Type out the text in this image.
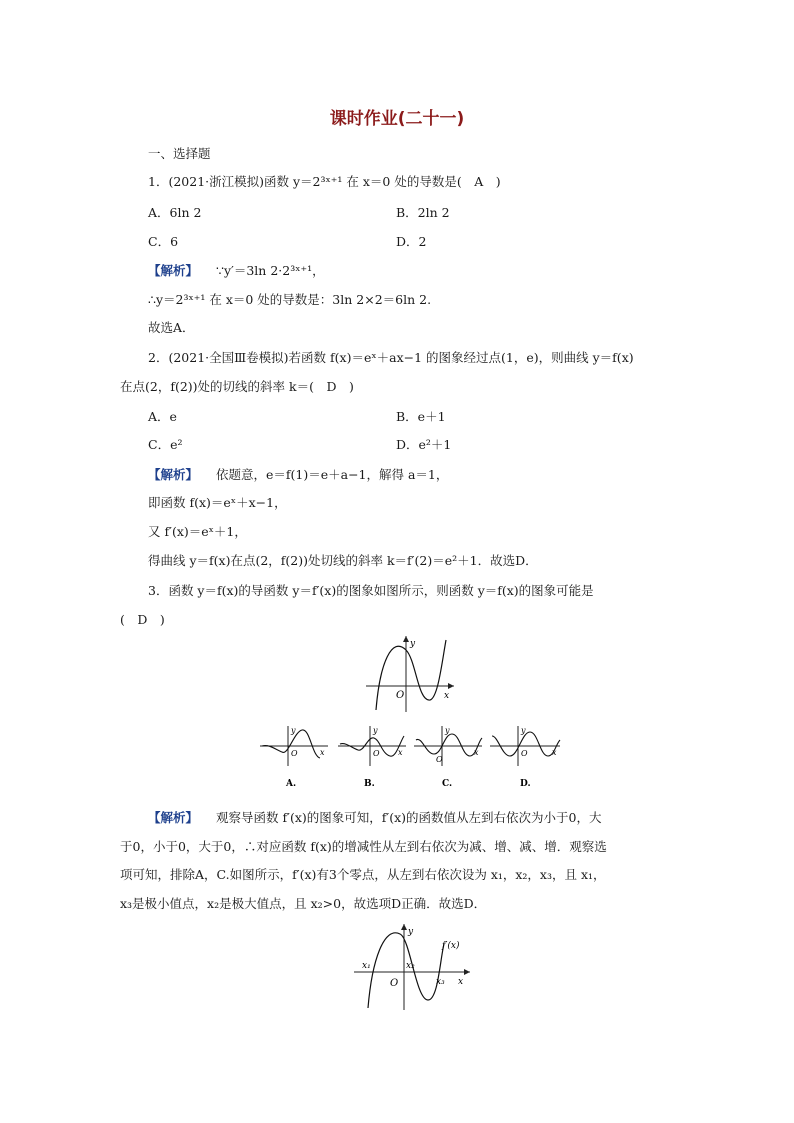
课时作业(二十一)
一、选择题
1．(2021·浙江模拟)函数 y＝2³ˣ⁺¹ 在 x＝0 处的导数是(　A　)
A．6ln 2	B．2ln 2
C．6	D．2
【解析】 ∵y′＝3ln 2·2³ˣ⁺¹，
∴y＝2³ˣ⁺¹ 在 x＝0 处的导数是：3ln 2×2＝6ln 2.
故选A．
2．(2021·全国Ⅲ卷模拟)若函数 f(x)＝eˣ＋ax−1 的图象经过点(1，e)，则曲线 y＝f(x)
在点(2，f(2))处的切线的斜率 k＝(　D　)
A．e	B．e＋1
C．e²	D．e²＋1
【解析】 依题意，e＝f(1)＝e＋a−1，解得 a＝1，
即函数 f(x)＝eˣ＋x−1，
又 f′(x)＝eˣ＋1，
得曲线 y＝f(x)在点(2，f(2))处切线的斜率 k＝f′(2)＝e²＋1．故选D．
3．函数 y＝f(x)的导函数 y＝f′(x)的图象如图所示，则函数 y＝f(x)的图象可能是
(　D　)
y
x
O
y
O	x
A.
y
O x
B.
y
O
x
C.
y
O	x
D.
【解析】 观察导函数 f′(x)的图象可知，f′(x)的函数值从左到右依次为小于0，大
于0，小于0，大于0，∴对应函数 f(x)的增减性从左到右依次为减、增、减、增．观察选
项可知，排除A，C.如图所示，f′(x)有3个零点，从左到右依次设为 x₁，x₂，x₃，且 x₁，
x₃是极小值点，x₂是极大值点，且 x₂>0，故选项D正确．故选D．
y
x
O
f′(x)
x₁	x₂
x₃
